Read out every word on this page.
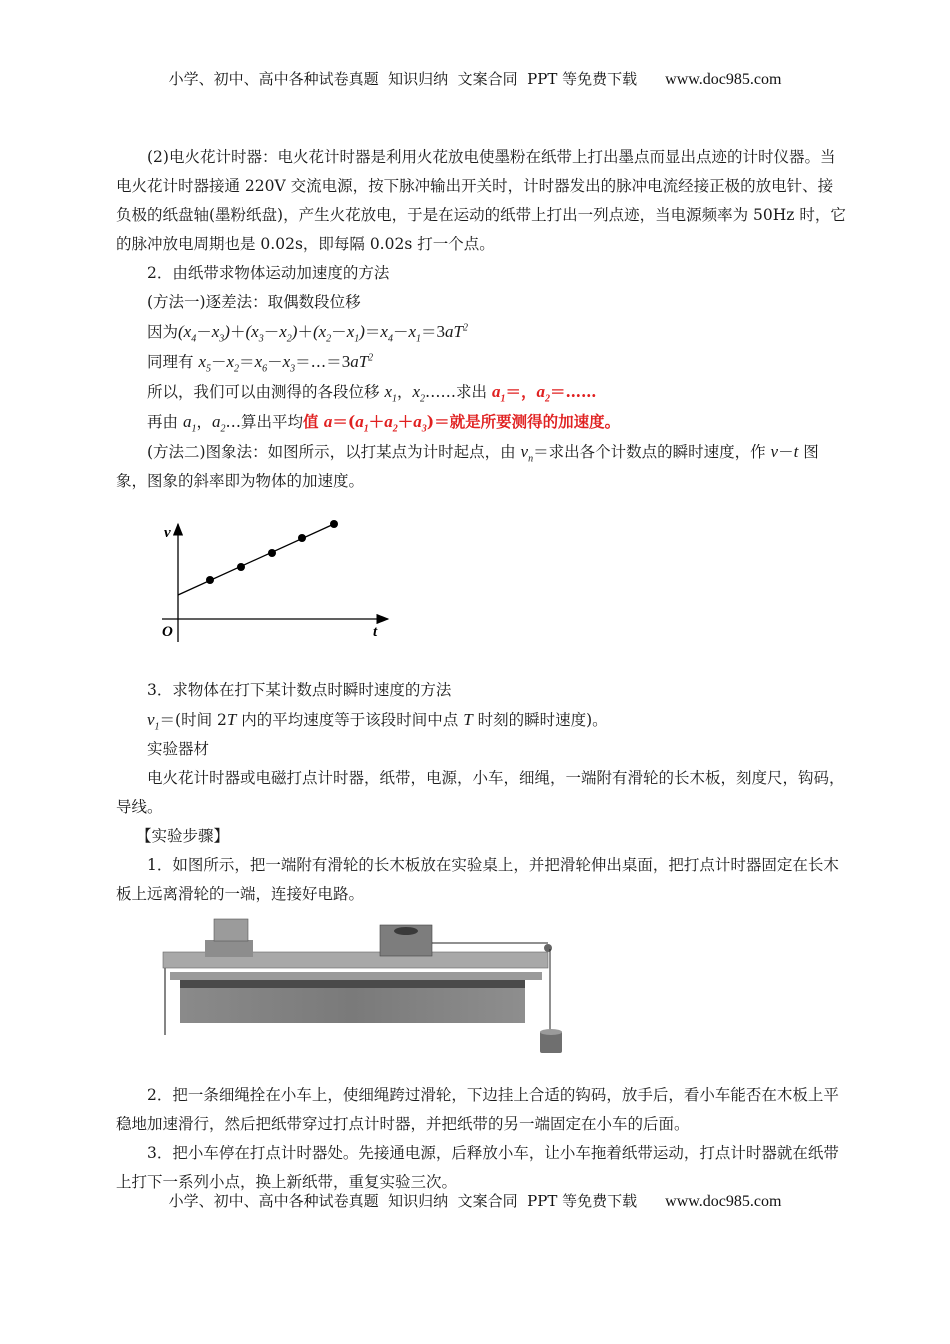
小学、初中、高中各种试卷真题  知识归纳  文案合同  PPT 等免费下载 www.doc985.com

(2)电火花计时器：电火花计时器是利用火花放电使墨粉在纸带上打出墨点而显出点迹的计时仪器。当电火花计时器接通 220V 交流电源，按下脉冲输出开关时，计时器发出的脉冲电流经接正极的放电针、接负极的纸盘轴(墨粉纸盘)，产生火花放电，于是在运动的纸带上打出一列点迹，当电源频率为 50Hz 时，它的脉冲放电周期也是 0.02s，即每隔 0.02s 打一个点。

2．由纸带求物体运动加速度的方法

(方法一)逐差法：取偶数段位移

因为$(x_4-x_3)+(x_3-x_2)+(x_2-x_1)=x_4-x_1=3aT^2$

同理有 $x_5-x_2=x_6-x_3=\dots=3aT^2$

所以，我们可以由测得的各段位移 $x_1$，$x_2\dots\dots$求出 $a_1=$，$a_2=\dots\dots$

再由 $a_1$，$a_2\dots$算出平均值 $a=(a_1+a_2+a_3)=$就是所要测得的加速度。

(方法二)图象法：如图所示，以打某点为计时起点，由 $v_n=$求出各个计数点的瞬时速度，作 v－t 图象，图象的斜率即为物体的加速度。

3．求物体在打下某计数点时瞬时速度的方法

$v_1=$(时间 2T 内的平均速度等于该段时间中点 T 时刻的瞬时速度)。

实验器材

电火花计时器或电磁打点计时器，纸带，电源，小车，细绳，一端附有滑轮的长木板，刻度尺，钩码，导线。

【实验步骤】

1．如图所示，把一端附有滑轮的长木板放在实验桌上，并把滑轮伸出桌面，把打点计时器固定在长木板上远离滑轮的一端，连接好电路。

2．把一条细绳拴在小车上，使细绳跨过滑轮，下边挂上合适的钩码，放手后，看小车能否在木板上平稳地加速滑行，然后把纸带穿过打点计时器，并把纸带的另一端固定在小车的后面。

3．把小车停在打点计时器处。先接通电源，后释放小车，让小车拖着纸带运动，打点计时器就在纸带上打下一系列小点，换上新纸带，重复实验三次。

v
O	t
小学、初中、高中各种试卷真题  知识归纳  文案合同  PPT 等免费下载 www.doc985.com
